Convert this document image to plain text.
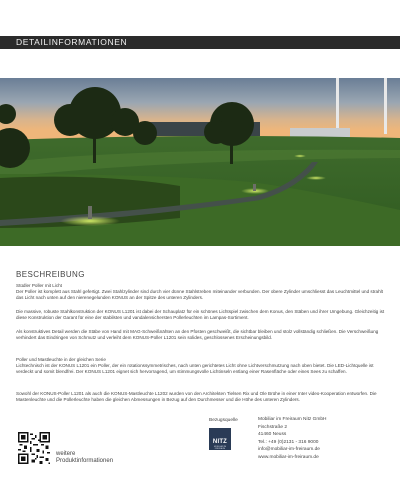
DETAILINFORMATIONEN
BESCHREIBUNG

Stüdler Poller mit Licht
Der Poller ist komplett aus Stahl gefertigt. Zwei Stahlzylinder sind durch vier dünne Stahlstreben miteinander verbunden. Der obere Zylinder umschliesst das Leuchtmittel und strahlt das Licht nach unten auf den nierenegelunden KONUS an der Spitze des unteren Zylinders.

Die massive, robuste Stahlkonstruktion der KONUS L1201 ist dabei der Schauplatz für ein schönes Lichtspiel zwischen dem Konus, den Stäben und ihrer Umgebung. Gleichzeitig ist diese Konstruktion der Garant für eine der stabilsten und vandalensichersten Pollerleuchten im Lampas-Sortiment.

Als konstruktives Detail werden die Stäbe von Hand mit MAG-Schweißnähten an den Pfosten geschweißt, die sichtbar bleiben und stolz vollständig schließen. Die Verschweißung verhindert das Eindringen von Schmutz und verleiht dem KONUS-Poller L1201 sein solides, geschlossenes Erscheinungsbild.

Poller und Mastleuchte in der gleichen Serie
Lichtechnisch ist der KONUS L1201 ein Poller, der ein rotationssymmetrisches, nach unten gerichtetes Licht ohne Lichtverschmutzung nach oben bietet. Die LED-Lichtquelle ist verdeckt und somit blendfrei. Der KONUS L1201 eignet sich hervorragend, um stimmungsvolle Lichtinseln entlang einer Rasenfläche oder eines Sees zu schaffen.

Sowohl der KONUS-Poller L1201 als auch die KONUS-Mastleuchte L1202 wurden von den Architekten Tielsen Rix und Ole Brühe in einer Inter video-Kooperation entworfen. Die Mastenleuchte und die Pollerleuchte haben die gleichen Abmessungen in Bezug auf den Durchmesser und die Höhe des unteren Zylinders.

weitere
Produktinformationen
Bezugsquelle
NITZ
MOBILIAR IM FREIRAUM
Mobiliar im Freiraum Nitz GmbH
Fischstraße 2
41460 Neuss
Tel.: +49 (0)2131 - 316 9000
info@mobiliar-im-freiraum.de
www.mobiliar-im-freiraum.de
